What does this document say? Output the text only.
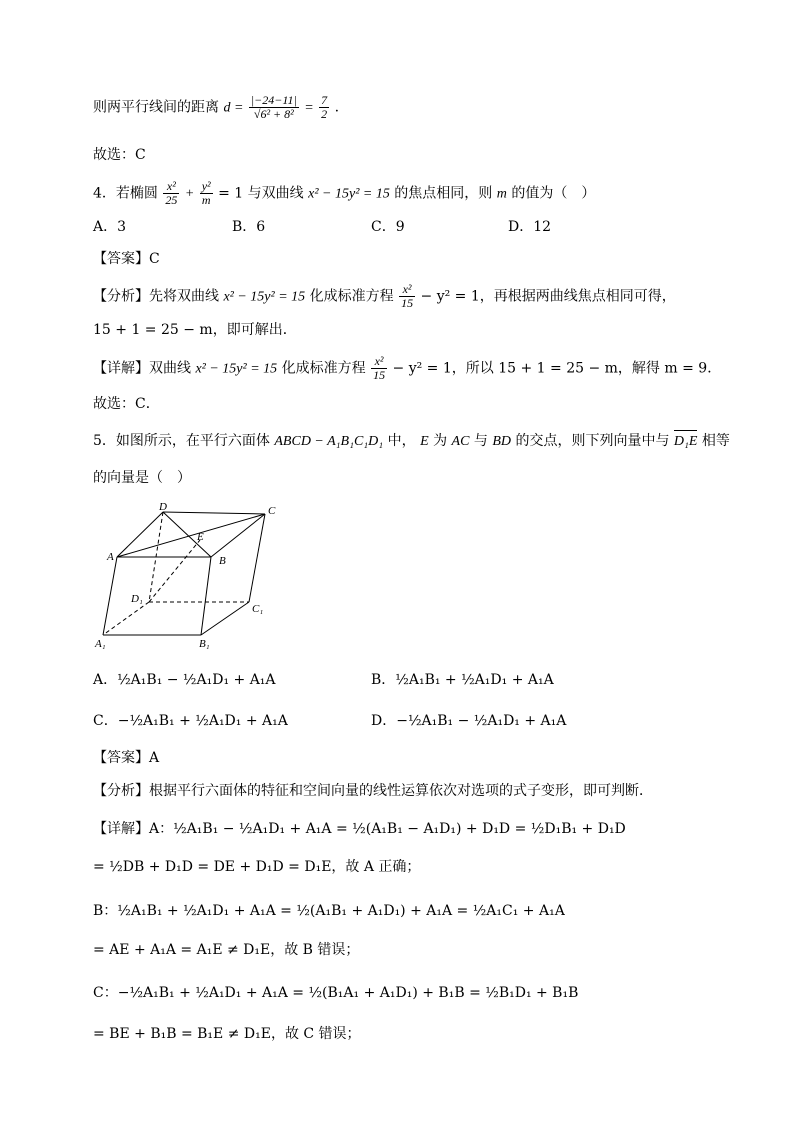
则两平行线间的距离 $d = \frac{|-24-11|}{\text{√6² + 8²}} = \frac{7}{2}$ .
故选：C
4．若椭圆 $\frac{\text{x²}}{25} + \frac{\text{y²}}{m} = 1$ 与双曲线 x² − 15y² = 15 的焦点相同，则 m 的值为（　）
A．3	B．6	C．9	D．12
【答案】C
【分析】先将双曲线 x² − 15y² = 15 化成标准方程 $\frac{\text{x²}}{15} - y^2 = 1$，再根据两曲线焦点相同可得，
15 + 1 = 25 − m，即可解出．
【详解】双曲线 x² − 15y² = 15 化成标准方程 $\frac{\text{x²}}{15} - y^2 = 1$，所以 15 + 1 = 25 − m，解得 m = 9．
故选：C．
5．如图所示，在平行六面体 ABCD − A₁B₁C₁D₁ 中， E 为 AC 与 BD 的交点，则下列向量中与 D₁E 相等
的向量是（　）
D	C
E
A	B
D₁
C₁
A₁	B₁
A．½A₁B₁ − ½A₁D₁ + A₁A	B．½A₁B₁ + ½A₁D₁ + A₁A
C．−½A₁B₁ + ½A₁D₁ + A₁A	D．−½A₁B₁ − ½A₁D₁ + A₁A
【答案】A
【分析】根据平行六面体的特征和空间向量的线性运算依次对选项的式子变形，即可判断．
【详解】A：½A₁B₁ − ½A₁D₁ + A₁A = ½(A₁B₁ − A₁D₁) + D₁D = ½D₁B₁ + D₁D
= ½DB + D₁D = DE + D₁D = D₁E，故 A 正确；
B：½A₁B₁ + ½A₁D₁ + A₁A = ½(A₁B₁ + A₁D₁) + A₁A = ½A₁C₁ + A₁A
= AE + A₁A = A₁E ≠ D₁E，故 B 错误；
C：−½A₁B₁ + ½A₁D₁ + A₁A = ½(B₁A₁ + A₁D₁) + B₁B = ½B₁D₁ + B₁B
= BE + B₁B = B₁E ≠ D₁E，故 C 错误；
